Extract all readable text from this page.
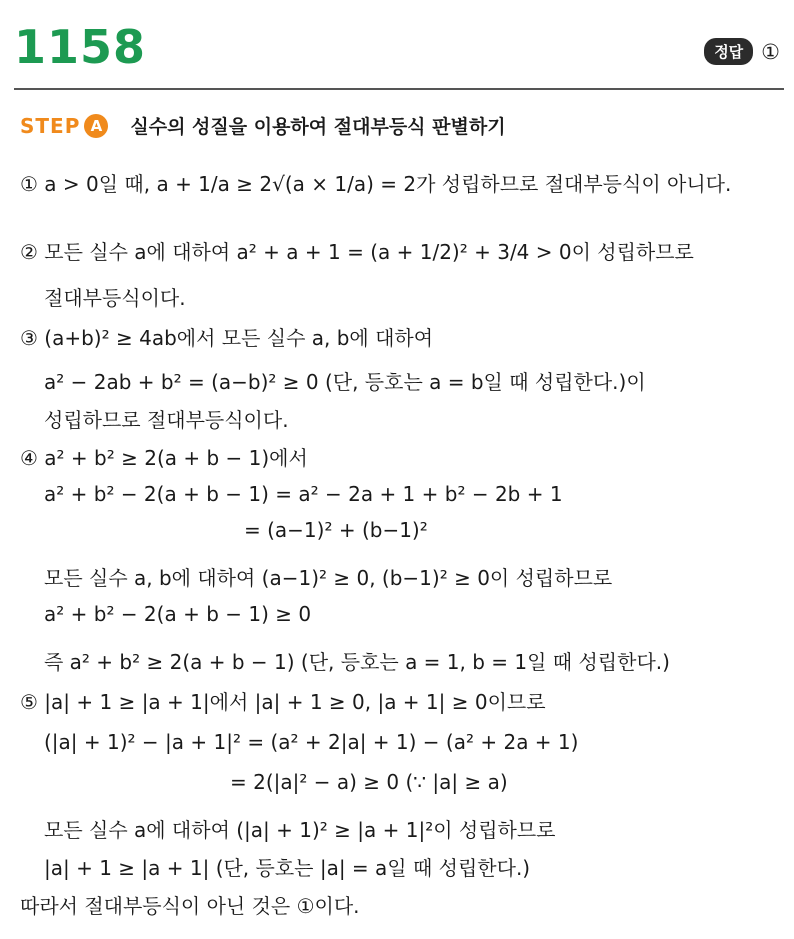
1158	정답 ①
STEP A	실수의 성질을 이용하여 절대부등식 판별하기
① a > 0일 때, a + 1/a ≥ 2√(a × 1/a) = 2가 성립하므로 절대부등식이 아니다.
② 모든 실수 a에 대하여 a² + a + 1 = (a + 1/2)² + 3/4 > 0이 성립하므로
절대부등식이다.
③ (a+b)² ≥ 4ab에서 모든 실수 a, b에 대하여
a² − 2ab + b² = (a−b)² ≥ 0 (단, 등호는 a = b일 때 성립한다.)이
성립하므로 절대부등식이다.
④ a² + b² ≥ 2(a + b − 1)에서
a² + b² − 2(a + b − 1) = a² − 2a + 1 + b² − 2b + 1
= (a−1)² + (b−1)²
모든 실수 a, b에 대하여 (a−1)² ≥ 0, (b−1)² ≥ 0이 성립하므로
a² + b² − 2(a + b − 1) ≥ 0
즉 a² + b² ≥ 2(a + b − 1) (단, 등호는 a = 1, b = 1일 때 성립한다.)
⑤ |a| + 1 ≥ |a + 1|에서 |a| + 1 ≥ 0, |a + 1| ≥ 0이므로
(|a| + 1)² − |a + 1|² = (a² + 2|a| + 1) − (a² + 2a + 1)
= 2(|a|² − a) ≥ 0 (∵ |a| ≥ a)
모든 실수 a에 대하여 (|a| + 1)² ≥ |a + 1|²이 성립하므로
|a| + 1 ≥ |a + 1| (단, 등호는 |a| = a일 때 성립한다.)
따라서 절대부등식이 아닌 것은 ①이다.
